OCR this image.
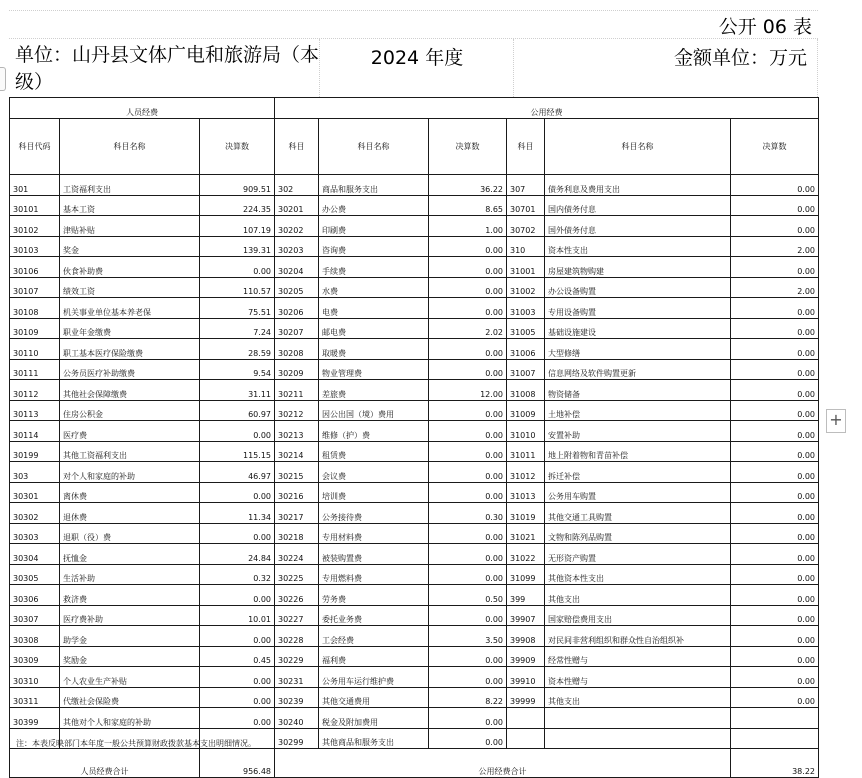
公开 06 表
单位：山丹县文体广电和旅游局（本级）
2024 年度	金额单位：万元
+
人员经费			公用经费					
科目代码	科目名称	决算数	科目	科目名称	决算数	科目	科目名称	决算数
301	工资福利支出	909.51	302	商品和服务支出	36.22	307	债务利息及费用支出	0.00
30101	基本工资	224.35	30201	办公费	8.65	30701	国内债务付息	0.00
30102	津贴补贴	107.19	30202	印刷费	1.00	30702	国外债务付息	0.00
30103	奖金	139.31	30203	咨询费	0.00	310	资本性支出	2.00
30106	伙食补助费	0.00	30204	手续费	0.00	31001	房屋建筑物购建	0.00
30107	绩效工资	110.57	30205	水费	0.00	31002	办公设备购置	2.00
30108	机关事业单位基本养老保	75.51	30206	电费	0.00	31003	专用设备购置	0.00
30109	职业年金缴费	7.24	30207	邮电费	2.02	31005	基础设施建设	0.00
30110	职工基本医疗保险缴费	28.59	30208	取暖费	0.00	31006	大型修缮	0.00
30111	公务员医疗补助缴费	9.54	30209	物业管理费	0.00	31007	信息网络及软件购置更新	0.00
30112	其他社会保障缴费	31.11	30211	差旅费	12.00	31008	物资储备	0.00
30113	住房公积金	60.97	30212	因公出国（境）费用	0.00	31009	土地补偿	0.00
30114	医疗费	0.00	30213	维修（护）费	0.00	31010	安置补助	0.00
30199	其他工资福利支出	115.15	30214	租赁费	0.00	31011	地上附着物和青苗补偿	0.00
303	对个人和家庭的补助	46.97	30215	会议费	0.00	31012	拆迁补偿	0.00
30301	离休费	0.00	30216	培训费	0.00	31013	公务用车购置	0.00
30302	退休费	11.34	30217	公务接待费	0.30	31019	其他交通工具购置	0.00
30303	退职（役）费	0.00	30218	专用材料费	0.00	31021	文物和陈列品购置	0.00
30304	抚恤金	24.84	30224	被装购置费	0.00	31022	无形资产购置	0.00
30305	生活补助	0.32	30225	专用燃料费	0.00	31099	其他资本性支出	0.00
30306	救济费	0.00	30226	劳务费	0.50	399	其他支出	0.00
30307	医疗费补助	10.01	30227	委托业务费	0.00	39907	国家赔偿费用支出	0.00
30308	助学金	0.00	30228	工会经费	3.50	39908	对民间非营利组织和群众性自治组织补	0.00
30309	奖励金	0.45	30229	福利费	0.00	39909	经常性赠与	0.00
30310	个人农业生产补贴	0.00	30231	公务用车运行维护费	0.00	39910	资本性赠与	0.00
30311	代缴社会保险费	0.00	30239	其他交通费用	8.22	39999	其他支出	0.00
30399	其他对个人和家庭的补助	0.00	30240	税金及附加费用	0.00			
			30299	其他商品和服务支出	0.00			
人员经费合计		956.48	公用经费合计					38.22
注：本表反映部门本年度一般公共预算财政拨款基本支出明细情况。
